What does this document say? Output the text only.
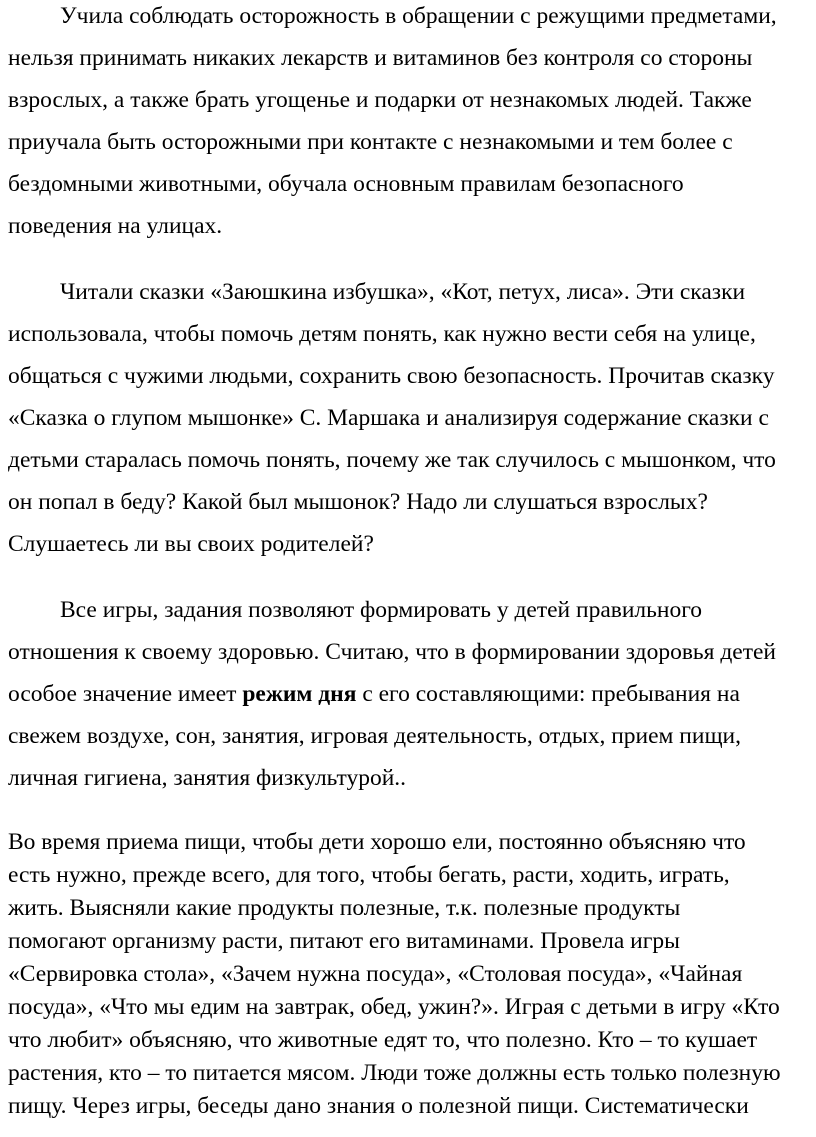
Учила соблюдать осторожность в обращении с режущими предметами,
нельзя принимать никаких лекарств и витаминов без контроля со стороны
взрослых, а также брать угощенье и подарки от незнакомых людей. Также
приучала быть осторожными при контакте с незнакомыми и тем более с
бездомными животными, обучала основным правилам безопасного
поведения на улицах.
Читали сказки «Заюшкина избушка», «Кот, петух, лиса». Эти сказки
использовала, чтобы помочь детям понять, как нужно вести себя на улице,
общаться с чужими людьми, сохранить свою безопасность. Прочитав сказку
«Сказка о глупом мышонке» С. Маршака и анализируя содержание сказки с
детьми старалась помочь понять, почему же так случилось с мышонком, что
он попал в беду? Какой был мышонок? Надо ли слушаться взрослых?
Слушаетесь ли вы своих родителей?
Все игры, задания позволяют формировать у детей правильного
отношения к своему здоровью. Считаю, что в формировании здоровья детей
особое значение имеет режим дня с его составляющими: пребывания на
свежем воздухе, сон, занятия, игровая деятельность, отдых, прием пищи,
личная гигиена, занятия физкультурой..
Во время приема пищи, чтобы дети хорошо ели, постоянно объясняю что
есть нужно, прежде всего, для того, чтобы бегать, расти, ходить, играть,
жить. Выясняли какие продукты полезные, т.к. полезные продукты
помогают организму расти, питают его витаминами. Провела игры
«Сервировка стола», «Зачем нужна посуда», «Столовая посуда», «Чайная
посуда», «Что мы едим на завтрак, обед, ужин?». Играя с детьми в игру «Кто
что любит» объясняю, что животные едят то, что полезно. Кто – то кушает
растения, кто – то питается мясом. Люди тоже должны есть только полезную
пищу. Через игры, беседы дано знания о полезной пищи. Систематически
